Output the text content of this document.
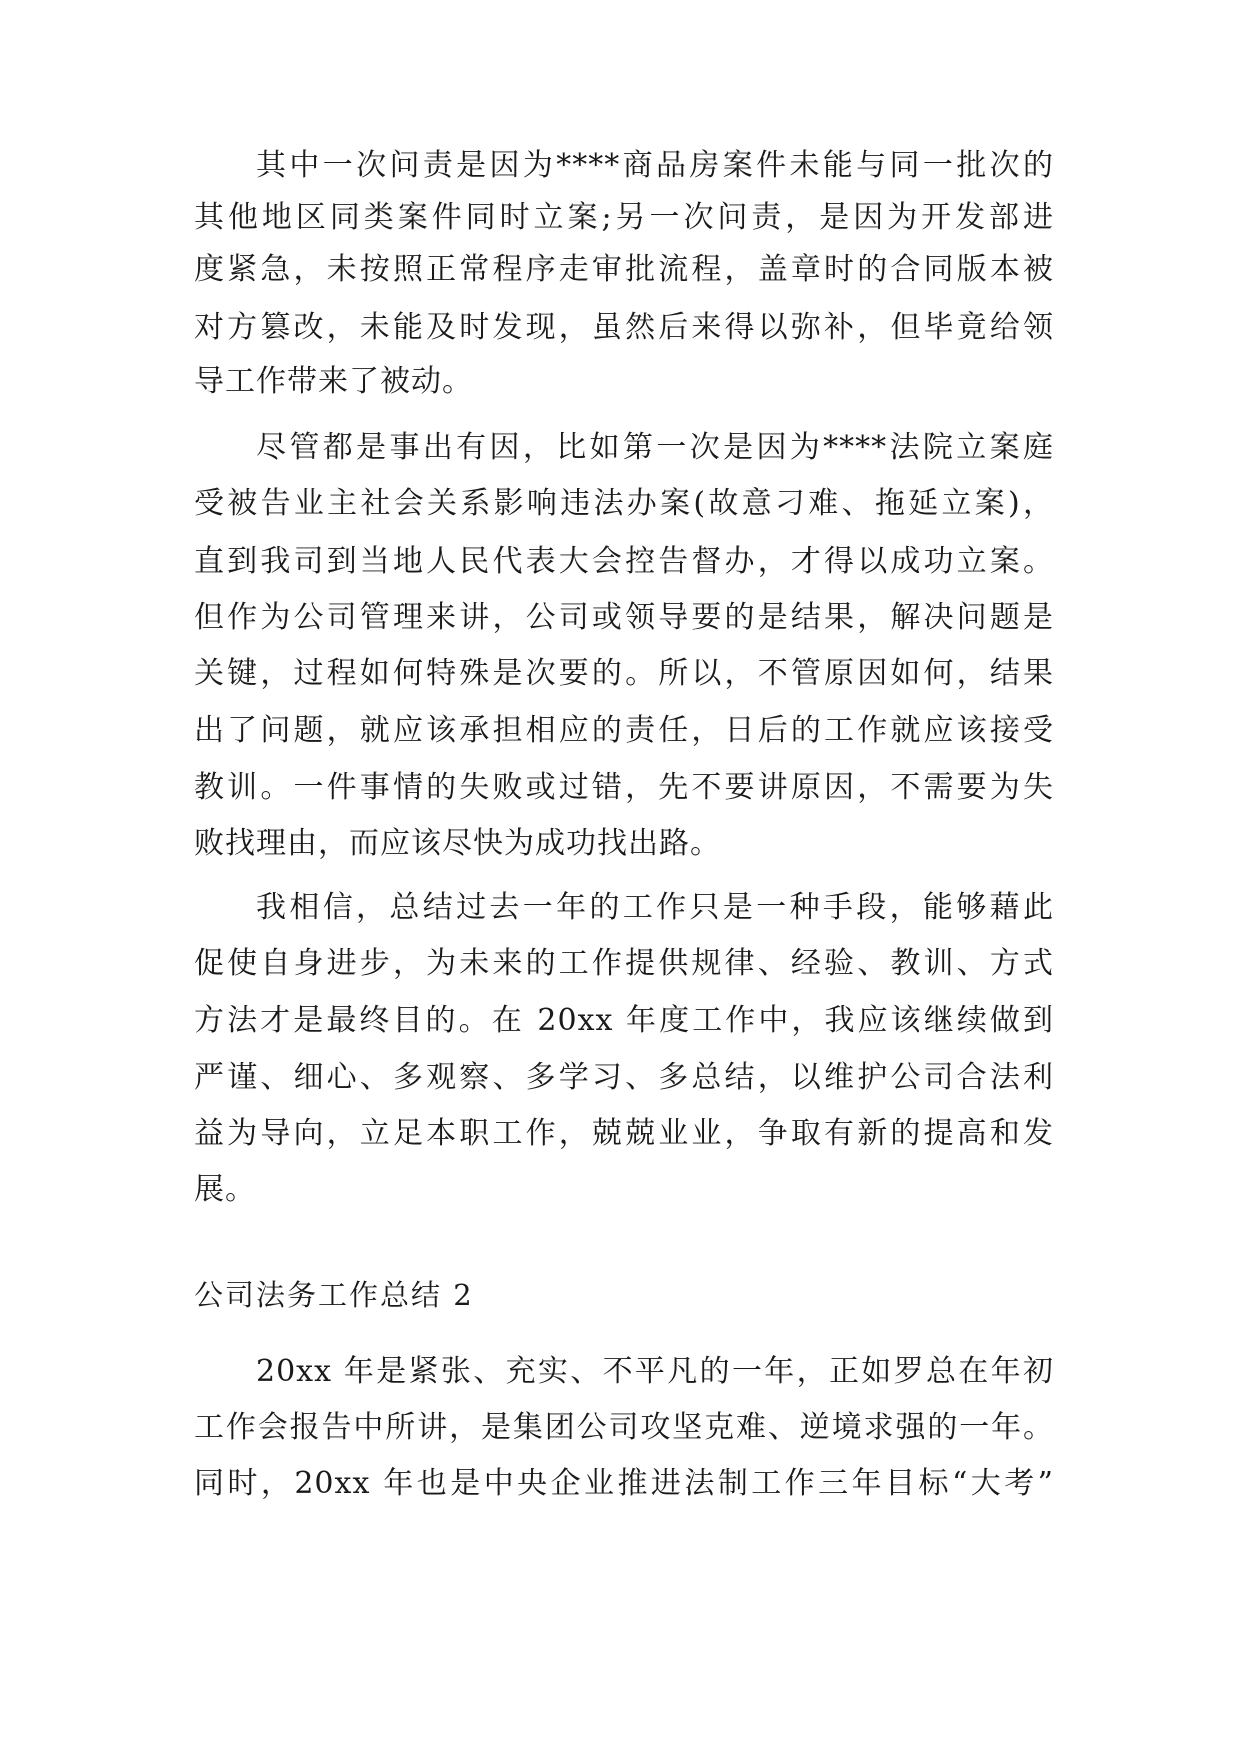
其中一次问责是因为****商品房案件未能与同一批次的
其他地区同类案件同时立案;另一次问责，是因为开发部进
度紧急，未按照正常程序走审批流程，盖章时的合同版本被
对方篡改，未能及时发现，虽然后来得以弥补，但毕竟给领
导工作带来了被动。
尽管都是事出有因，比如第一次是因为****法院立案庭
受被告业主社会关系影响违法办案(故意刁难、拖延立案)，
直到我司到当地人民代表大会控告督办，才得以成功立案。
但作为公司管理来讲，公司或领导要的是结果，解决问题是
关键，过程如何特殊是次要的。所以，不管原因如何，结果
出了问题，就应该承担相应的责任，日后的工作就应该接受
教训。一件事情的失败或过错，先不要讲原因，不需要为失
败找理由，而应该尽快为成功找出路。
我相信，总结过去一年的工作只是一种手段，能够藉此
促使自身进步，为未来的工作提供规律、经验、教训、方式
方法才是最终目的。在 20xx 年度工作中，我应该继续做到
严谨、细心、多观察、多学习、多总结，以维护公司合法利
益为导向，立足本职工作，兢兢业业，争取有新的提高和发
展。
公司法务工作总结 2
20xx 年是紧张、充实、不平凡的一年，正如罗总在年初
工作会报告中所讲，是集团公司攻坚克难、逆境求强的一年。
同时，20xx 年也是中央企业推进法制工作三年目标“大考”
